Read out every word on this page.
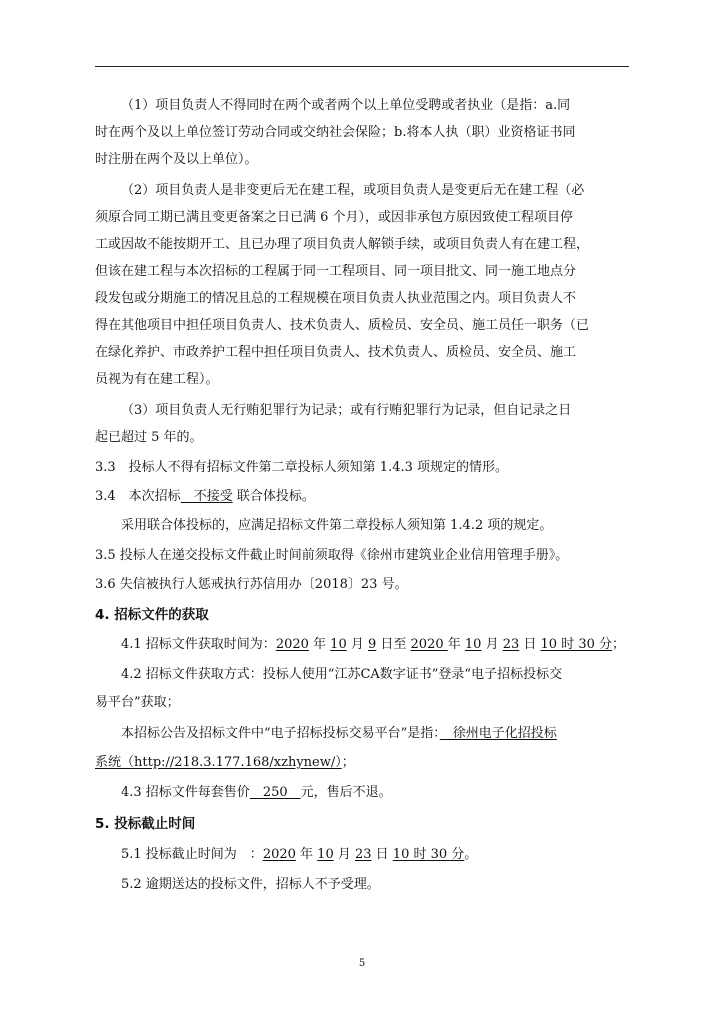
（1）项目负责人不得同时在两个或者两个以上单位受聘或者执业（是指：a.同
时在两个及以上单位签订劳动合同或交纳社会保险；b.将本人执（职）业资格证书同
时注册在两个及以上单位）。
（2）项目负责人是非变更后无在建工程，或项目负责人是变更后无在建工程（必
须原合同工期已满且变更备案之日已满 6 个月），或因非承包方原因致使工程项目停
工或因故不能按期开工、且已办理了项目负责人解锁手续，或项目负责人有在建工程，
但该在建工程与本次招标的工程属于同一工程项目、同一项目批文、同一施工地点分
段发包或分期施工的情况且总的工程规模在项目负责人执业范围之内。项目负责人不
得在其他项目中担任项目负责人、技术负责人、质检员、安全员、施工员任一职务（已
在绿化养护、市政养护工程中担任项目负责人、技术负责人、质检员、安全员、施工
员视为有在建工程）。
（3）项目负责人无行贿犯罪行为记录；或有行贿犯罪行为记录，但自记录之日
起已超过 5 年的。
3.3　投标人不得有招标文件第二章投标人须知第 1.4.3 项规定的情形。
3.4　本次招标　不接受 联合体投标。
采用联合体投标的，应满足招标文件第二章投标人须知第 1.4.2 项的规定。
3.5 投标人在递交投标文件截止时间前须取得《徐州市建筑业企业信用管理手册》。
3.6 失信被执行人惩戒执行苏信用办〔2018〕23 号。
4. 招标文件的获取
4.1 招标文件获取时间为：2020 年 10 月 9 日至 2020 年 10 月 23 日 10 时 30 分；
4.2 招标文件获取方式：投标人使用“江苏CA数字证书”登录“电子招标投标交
易平台”获取；
本招标公告及招标文件中“电子招标投标交易平台”是指：　徐州电子化招投标
系统（http://218.3.177.168/xzhynew/）；
4.3 招标文件每套售价　250　元，售后不退。
5. 投标截止时间
5.1 投标截止时间为　：2020 年 10 月 23 日 10 时 30 分。
5.2 逾期送达的投标文件，招标人不予受理。
5
